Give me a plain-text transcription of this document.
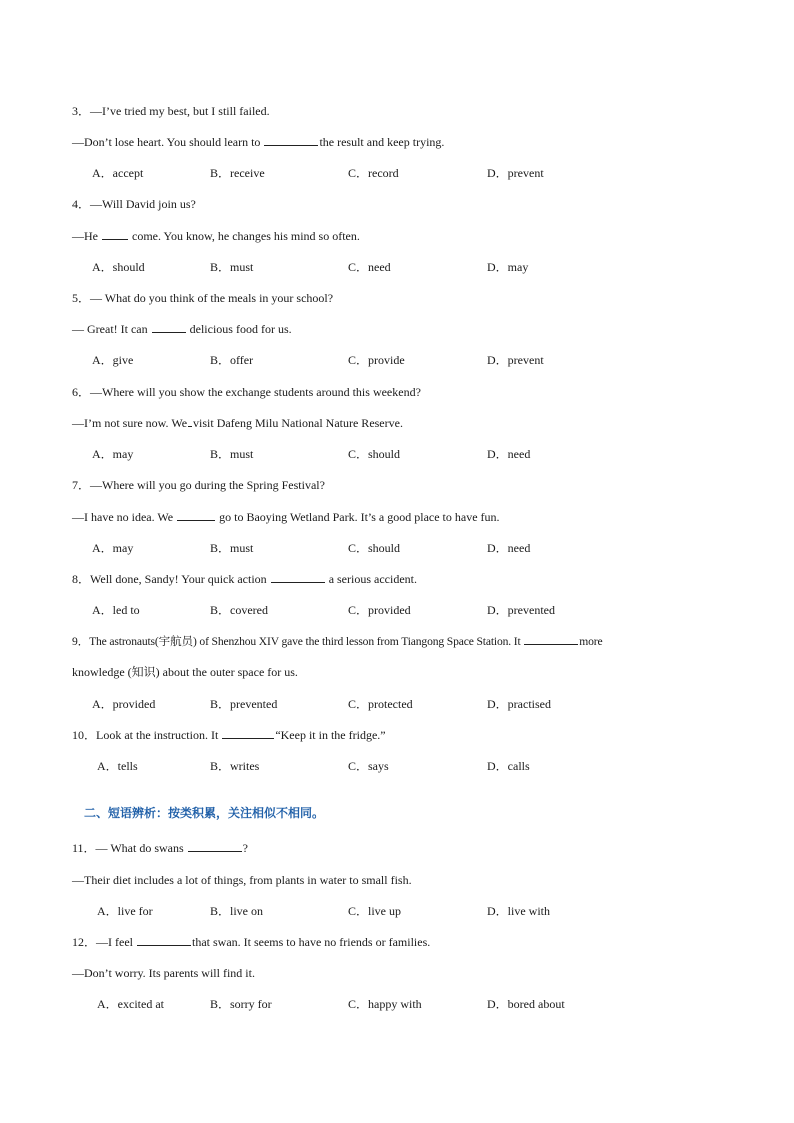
3．—I’ve tried my best, but I still failed.
—Don’t lose heart. You should learn to	the result and keep trying.
A．accept	B．receive	C．record	D．prevent
4．—Will David join us?
—He  come. You know, he changes his mind so often.
A．should	B．must	C．need	D．may
5．— What do you think of the meals in your school?
— Great! It can	delicious food for us.
A．give	B．offer	C．provide	D．prevent
6．—Where will you show the exchange students around this weekend?
—I’m not sure now. We visit Dafeng Milu National Nature Reserve.
A．may	B．must	C．should	D．need
7．—Where will you go during the Spring Festival?
—I have no idea. We	go to Baoying Wetland Park. It’s a good place to have fun.
A．may	B．must	C．should	D．need
8．Well done, Sandy! Your quick action	a serious accident.
A．led to	B．covered	C．provided	D．prevented
9．The astronauts(宇航员) of Shenzhou XIV gave the third lesson from Tiangong Space Station. It	more
knowledge (知识) about the outer space for us.
A．provided	B．prevented	C．protected	D．practised
10．Look at the instruction. It	“Keep it in the fridge.”
A．tells	B．writes	C．says	D．calls
二、短语辨析：按类积累，关注相似不相同。
11．— What do swans	?
—Their diet includes a lot of things, from plants in water to small fish.
A．live for	B．live on	C．live up	D．live with
12．—I feel	that swan. It seems to have no friends or families.
—Don’t worry. Its parents will find it.
A．excited at	B．sorry for	C．happy with	D．bored about
